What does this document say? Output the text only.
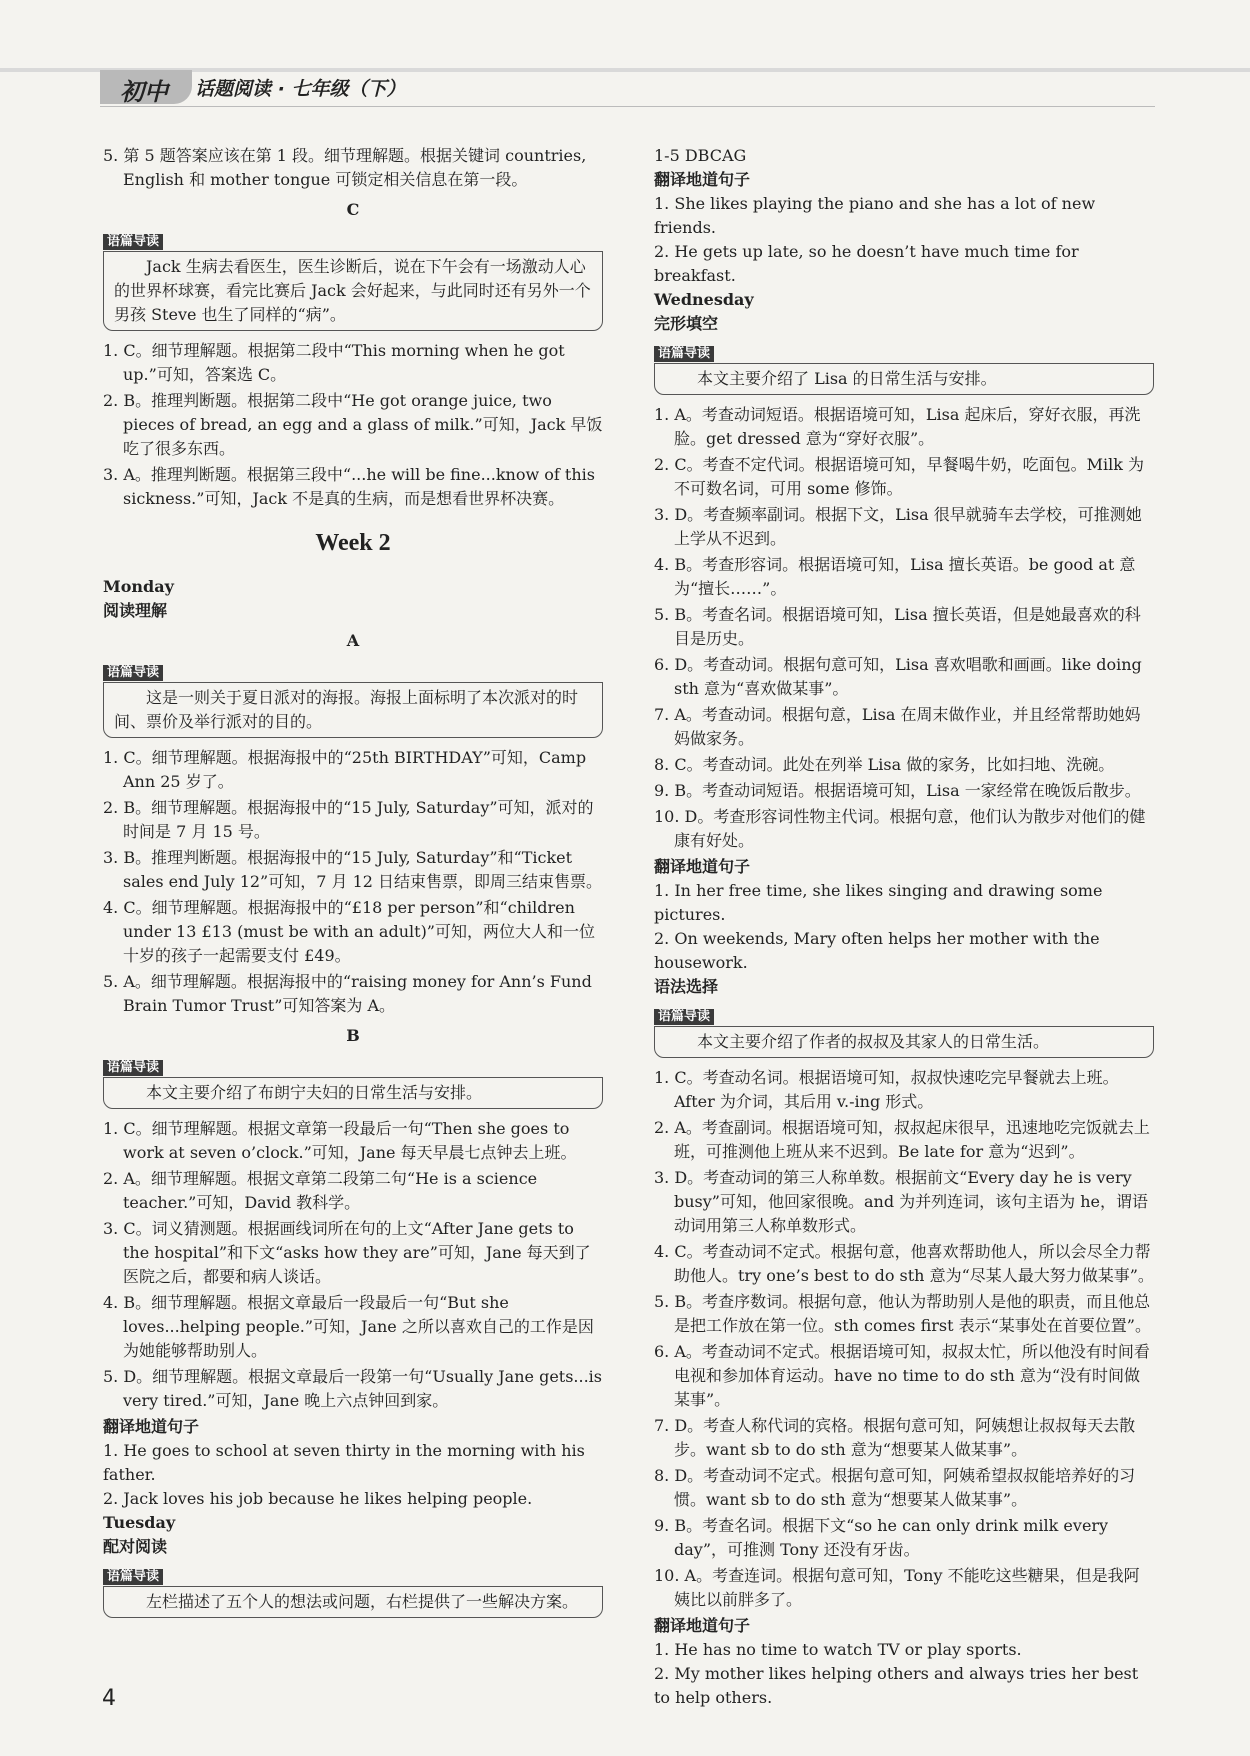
初中 话题阅读 · 七年级（下）
5. 第 5 题答案应该在第 1 段。细节理解题。根据关键词 countries, English 和 mother tongue 可锁定相关信息在第一段。
C
语篇导读
Jack 生病去看医生，医生诊断后，说在下午会有一场激动人心的世界杯球赛，看完比赛后 Jack 会好起来，与此同时还有另外一个男孩 Steve 也生了同样的“病”。
1. C。细节理解题。根据第二段中“This morning when he got up.”可知，答案选 C。
2. B。推理判断题。根据第二段中“He got orange juice, two pieces of bread, an egg and a glass of milk.”可知，Jack 早饭吃了很多东西。
3. A。推理判断题。根据第三段中“...he will be fine...know of this sickness.”可知，Jack 不是真的生病，而是想看世界杯决赛。
Week 2
Monday
阅读理解
A
语篇导读
这是一则关于夏日派对的海报。海报上面标明了本次派对的时间、票价及举行派对的目的。
1. C。细节理解题。根据海报中的“25th BIRTHDAY”可知，Camp Ann 25 岁了。
2. B。细节理解题。根据海报中的“15 July, Saturday”可知，派对的时间是 7 月 15 号。
3. B。推理判断题。根据海报中的“15 July, Saturday”和“Ticket sales end July 12”可知，7 月 12 日结束售票，即周三结束售票。
4. C。细节理解题。根据海报中的“£18 per person”和“children under 13 £13 (must be with an adult)”可知，两位大人和一位十岁的孩子一起需要支付 £49。
5. A。细节理解题。根据海报中的“raising money for Ann’s Fund Brain Tumor Trust”可知答案为 A。
B
语篇导读
本文主要介绍了布朗宁夫妇的日常生活与安排。
1. C。细节理解题。根据文章第一段最后一句“Then she goes to work at seven o’clock.”可知，Jane 每天早晨七点钟去上班。
2. A。细节理解题。根据文章第二段第二句“He is a science teacher.”可知，David 教科学。
3. C。词义猜测题。根据画线词所在句的上文“After Jane gets to the hospital”和下文“asks how they are”可知，Jane 每天到了医院之后，都要和病人谈话。
4. B。细节理解题。根据文章最后一段最后一句“But she loves...helping people.”可知，Jane 之所以喜欢自己的工作是因为她能够帮助别人。
5. D。细节理解题。根据文章最后一段第一句“Usually Jane gets...is very tired.”可知，Jane 晚上六点钟回到家。
翻译地道句子
1. He goes to school at seven thirty in the morning with his father.
2. Jack loves his job because he likes helping people.
Tuesday
配对阅读
语篇导读
左栏描述了五个人的想法或问题，右栏提供了一些解决方案。
1-5 DBCAG
翻译地道句子
1. She likes playing the piano and she has a lot of new friends.
2. He gets up late, so he doesn’t have much time for breakfast.
Wednesday
完形填空
语篇导读
本文主要介绍了 Lisa 的日常生活与安排。
1. A。考查动词短语。根据语境可知，Lisa 起床后，穿好衣服，再洗脸。get dressed 意为“穿好衣服”。
2. C。考查不定代词。根据语境可知，早餐喝牛奶，吃面包。Milk 为不可数名词，可用 some 修饰。
3. D。考查频率副词。根据下文，Lisa 很早就骑车去学校，可推测她上学从不迟到。
4. B。考查形容词。根据语境可知，Lisa 擅长英语。be good at 意为“擅长……”。
5. B。考查名词。根据语境可知，Lisa 擅长英语，但是她最喜欢的科目是历史。
6. D。考查动词。根据句意可知，Lisa 喜欢唱歌和画画。like doing sth 意为“喜欢做某事”。
7. A。考查动词。根据句意，Lisa 在周末做作业，并且经常帮助她妈妈做家务。
8. C。考查动词。此处在列举 Lisa 做的家务，比如扫地、洗碗。
9. B。考查动词短语。根据语境可知，Lisa 一家经常在晚饭后散步。
10. D。考查形容词性物主代词。根据句意，他们认为散步对他们的健康有好处。
翻译地道句子
1. In her free time, she likes singing and drawing some pictures.
2. On weekends, Mary often helps her mother with the housework.
语法选择
语篇导读
本文主要介绍了作者的叔叔及其家人的日常生活。
1. C。考查动名词。根据语境可知，叔叔快速吃完早餐就去上班。After 为介词，其后用 v.-ing 形式。
2. A。考查副词。根据语境可知，叔叔起床很早，迅速地吃完饭就去上班，可推测他上班从来不迟到。Be late for 意为“迟到”。
3. D。考查动词的第三人称单数。根据前文“Every day he is very busy”可知，他回家很晚。and 为并列连词，该句主语为 he，谓语动词用第三人称单数形式。
4. C。考查动词不定式。根据句意，他喜欢帮助他人，所以会尽全力帮助他人。try one’s best to do sth 意为“尽某人最大努力做某事”。
5. B。考查序数词。根据句意，他认为帮助别人是他的职责，而且他总是把工作放在第一位。sth comes first 表示“某事处在首要位置”。
6. A。考查动词不定式。根据语境可知，叔叔太忙，所以他没有时间看电视和参加体育运动。have no time to do sth 意为“没有时间做某事”。
7. D。考查人称代词的宾格。根据句意可知，阿姨想让叔叔每天去散步。want sb to do sth 意为“想要某人做某事”。
8. D。考查动词不定式。根据句意可知，阿姨希望叔叔能培养好的习惯。want sb to do sth 意为“想要某人做某事”。
9. B。考查名词。根据下文“so he can only drink milk every day”，可推测 Tony 还没有牙齿。
10. A。考查连词。根据句意可知，Tony 不能吃这些糖果，但是我阿姨比以前胖多了。
翻译地道句子
1. He has no time to watch TV or play sports.
2. My mother likes helping others and always tries her best to help others.
4
